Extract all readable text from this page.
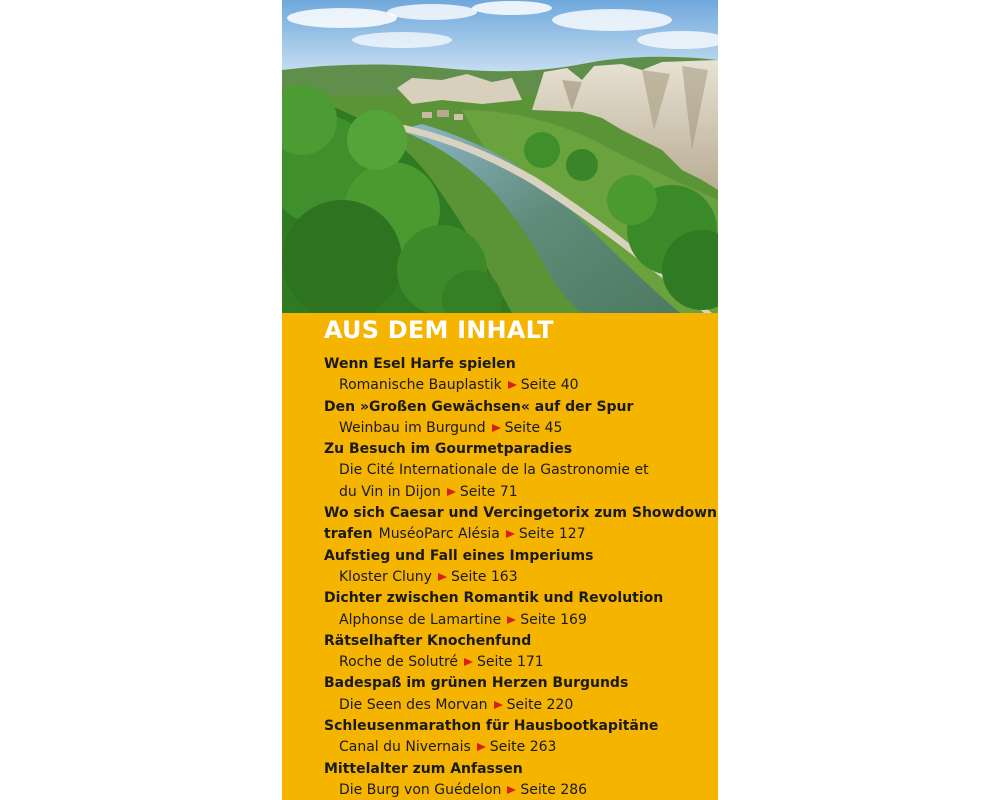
AUS DEM INHALT
Wenn Esel Harfe spielen
Romanische Bauplastik Seite 40
Den »Großen Gewächsen« auf der Spur
Weinbau im Burgund Seite 45
Zu Besuch im Gourmetparadies
Die Cité Internationale de la Gastronomie et du Vin in Dijon Seite 71
Wo sich Caesar und Vercingetorix zum Showdown
trafen MuséoParc Alésia Seite 127
Aufstieg und Fall eines Imperiums
Kloster Cluny Seite 163
Dichter zwischen Romantik und Revolution
Alphonse de Lamartine Seite 169
Rätselhafter Knochenfund
Roche de Solutré Seite 171
Badespaß im grünen Herzen Burgunds
Die Seen des Morvan Seite 220
Schleusenmarathon für Hausbootkapitäne
Canal du Nivernais Seite 263
Mittelalter zum Anfassen
Die Burg von Guédelon Seite 286
